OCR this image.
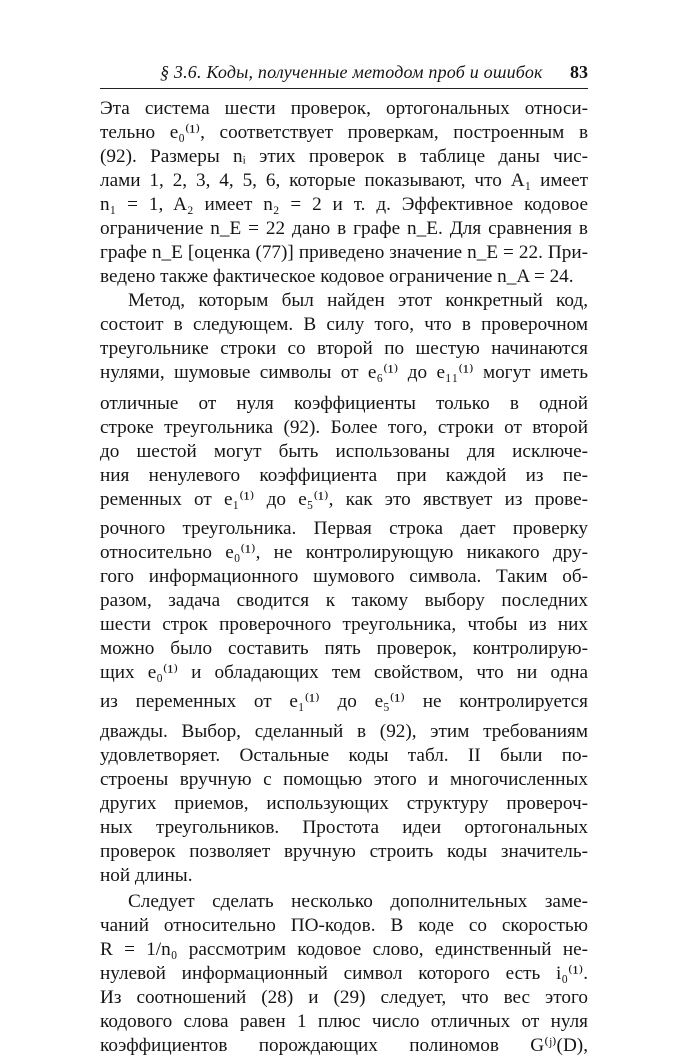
§ 3.6. Коды, полученные методом проб и ошибок 83
Эта система шести проверок, ортогональных относи-
тельно e₀⁽¹⁾, соответствует проверкам, построенным в
(92). Размеры nᵢ этих проверок в таблице даны чис-
лами 1, 2, 3, 4, 5, 6, которые показывают, что A₁ имеет
n₁ = 1, A₂ имеет n₂ = 2 и т. д. Эффективное кодовое
ограничение n_E = 22 дано в графе n_E. Для сравнения в
графе n_E [оценка (77)] приведено значение n_E = 22. При-
ведено также фактическое кодовое ограничение n_A = 24.
Метод, которым был найден этот конкретный код,
состоит в следующем. В силу того, что в проверочном
треугольнике строки со второй по шестую начинаются
нулями, шумовые символы от e₆⁽¹⁾ до e₁₁⁽¹⁾ могут иметь
отличные от нуля коэффициенты только в одной
строке треугольника (92). Более того, строки от второй
до шестой могут быть использованы для исключе-
ния ненулевого коэффициента при каждой из пе-
ременных от e₁⁽¹⁾ до e₅⁽¹⁾, как это явствует из прове-
рочного треугольника. Первая строка дает проверку
относительно e₀⁽¹⁾, не контролирующую никакого дру-
гого информационного шумового символа. Таким об-
разом, задача сводится к такому выбору последних
шести строк проверочного треугольника, чтобы из них
можно было составить пять проверок, контролирую-
щих e₀⁽¹⁾ и обладающих тем свойством, что ни одна
из переменных от e₁⁽¹⁾ до e₅⁽¹⁾ не контролируется
дважды. Выбор, сделанный в (92), этим требованиям
удовлетворяет. Остальные коды табл. II были по-
строены вручную с помощью этого и многочисленных
других приемов, использующих структуру провероч-
ных треугольников. Простота идеи ортогональных
проверок позволяет вручную строить коды значитель-
ной длины.
Следует сделать несколько дополнительных заме-
чаний относительно ПО-кодов. В коде со скоростью
R = 1/n₀ рассмотрим кодовое слово, единственный не-
нулевой информационный символ которого есть i₀⁽¹⁾.
Из соотношений (28) и (29) следует, что вес этого
кодового слова равен 1 плюс число отличных от нуля
коэффициентов порождающих полиномов G⁽ʲ⁾(D),
